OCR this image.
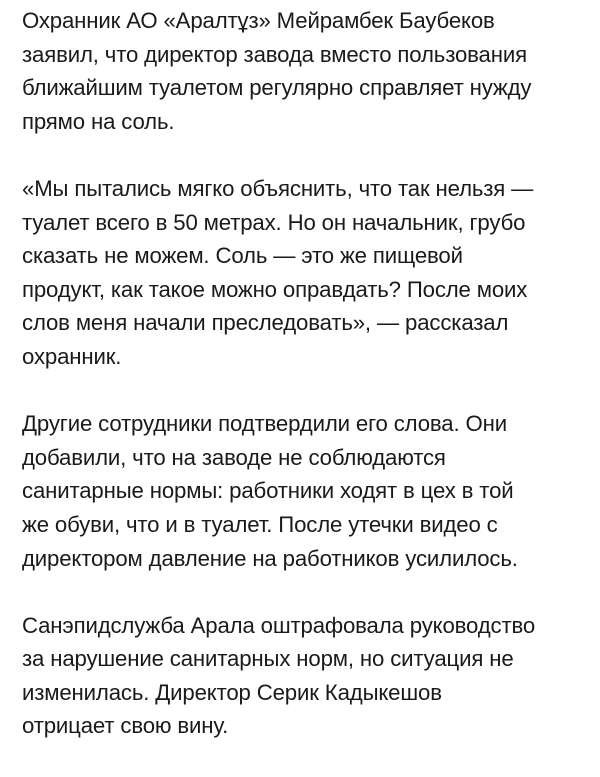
Охранник АО «Аралтұз» Мейрамбек Баубеков
заявил, что директор завода вместо пользования
ближайшим туалетом регулярно справляет нужду
прямо на соль.

«Мы пытались мягко объяснить, что так нельзя —
туалет всего в 50 метрах. Но он начальник, грубо
сказать не можем. Соль — это же пищевой
продукт, как такое можно оправдать? После моих
слов меня начали преследовать», — рассказал
охранник.

Другие сотрудники подтвердили его слова. Они
добавили, что на заводе не соблюдаются
санитарные нормы: работники ходят в цех в той
же обуви, что и в туалет. После утечки видео с
директором давление на работников усилилось.

Санэпидслужба Арала оштрафовала руководство
за нарушение санитарных норм, но ситуация не
изменилась. Директор Серик Кадыкешов
отрицает свою вину.
